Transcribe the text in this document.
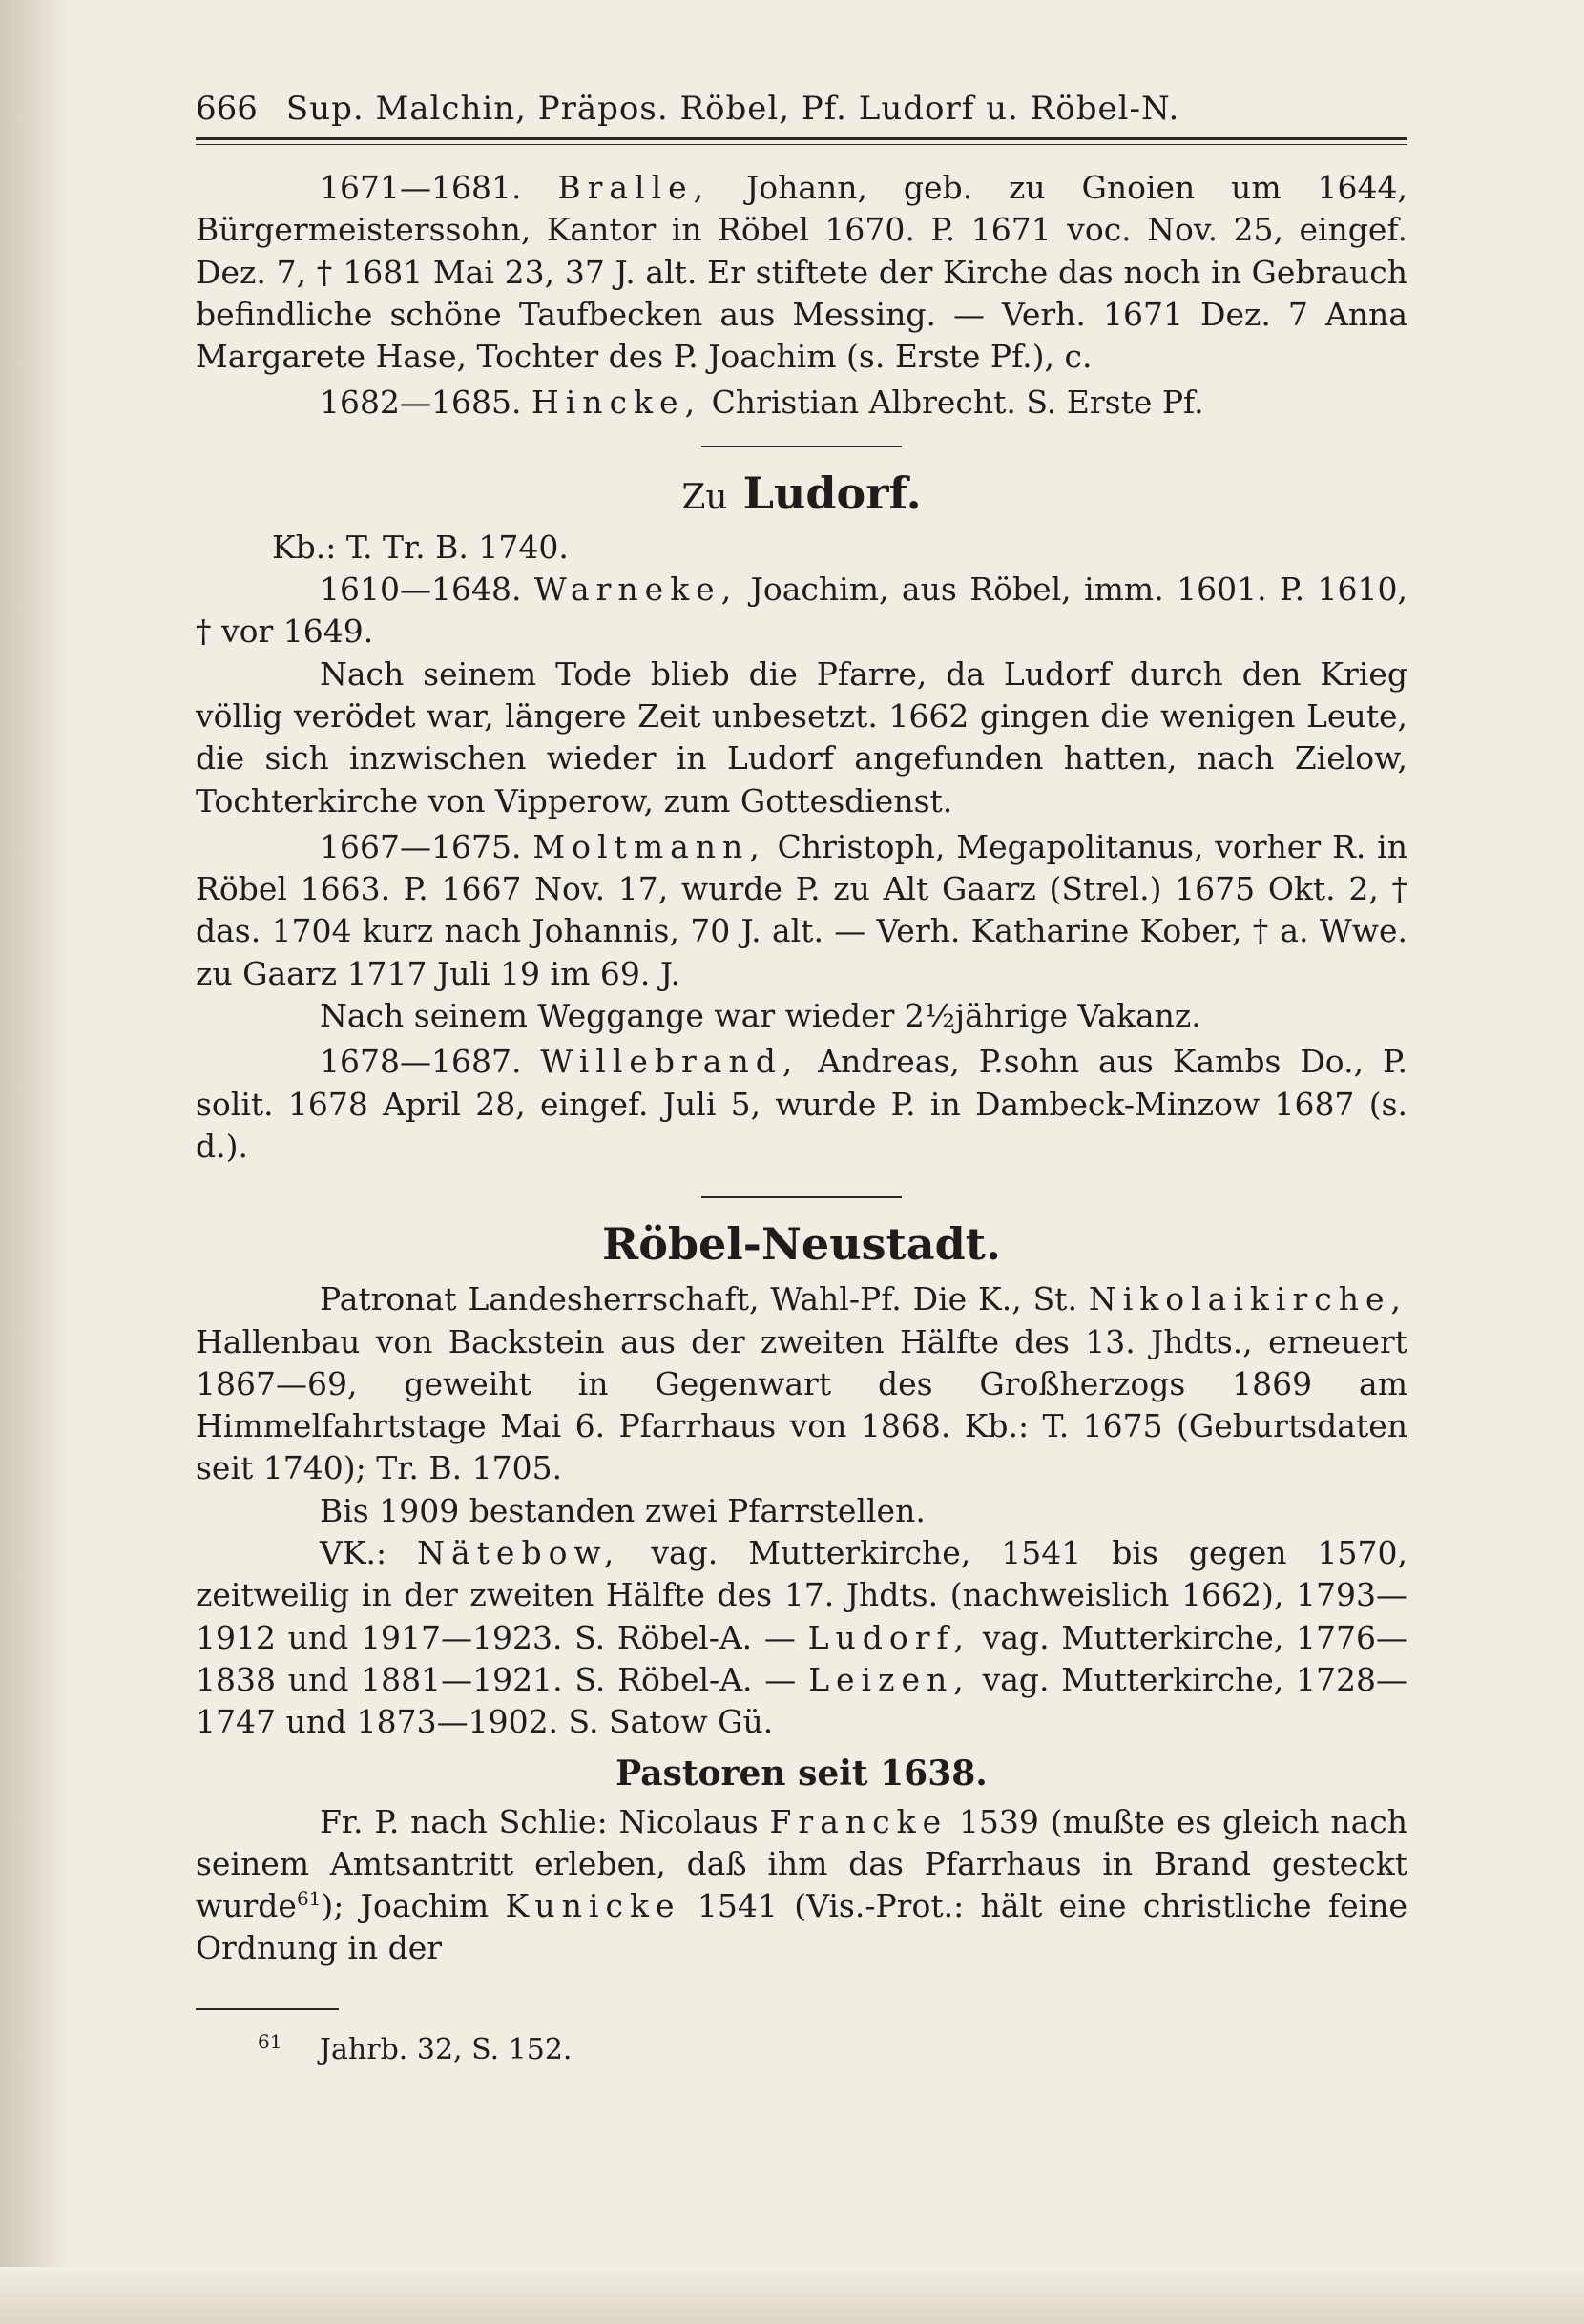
666 Sup. Malchin, Präpos. Röbel, Pf. Ludorf u. Röbel-N.

1671—1681. Bralle, Johann, geb. zu Gnoien um 1644, Bürgermeisterssohn, Kantor in Röbel 1670. P. 1671 voc. Nov. 25, eingef. Dez. 7, † 1681 Mai 23, 37 J. alt. Er stiftete der Kirche das noch in Gebrauch befindliche schöne Taufbecken aus Messing. — Verh. 1671 Dez. 7 Anna Margarete Hase, Tochter des P. Joachim (s. Erste Pf.), c.

1682—1685. Hincke, Christian Albrecht. S. Erste Pf.

Zu Ludorf.

Kb.: T. Tr. B. 1740.

1610—1648. Warneke, Joachim, aus Röbel, imm. 1601. P. 1610, † vor 1649.

Nach seinem Tode blieb die Pfarre, da Ludorf durch den Krieg völlig verödet war, längere Zeit unbesetzt. 1662 gingen die wenigen Leute, die sich inzwischen wieder in Ludorf angefunden hatten, nach Zielow, Tochterkirche von Vipperow, zum Gottesdienst.

1667—1675. Moltmann, Christoph, Megapolitanus, vorher R. in Röbel 1663. P. 1667 Nov. 17, wurde P. zu Alt Gaarz (Strel.) 1675 Okt. 2, † das. 1704 kurz nach Johannis, 70 J. alt. — Verh. Katharine Kober, † a. Wwe. zu Gaarz 1717 Juli 19 im 69. J.

Nach seinem Weggange war wieder 2½jährige Vakanz.

1678—1687. Willebrand, Andreas, P.sohn aus Kambs Do., P. solit. 1678 April 28, eingef. Juli 5, wurde P. in Dambeck-Minzow 1687 (s. d.).

Röbel-Neustadt.

Patronat Landesherrschaft, Wahl-Pf. Die K., St. Nikolaikirche, Hallenbau von Backstein aus der zweiten Hälfte des 13. Jhdts., erneuert 1867—69, geweiht in Gegenwart des Großherzogs 1869 am Himmelfahrtstage Mai 6. Pfarrhaus von 1868. Kb.: T. 1675 (Geburtsdaten seit 1740); Tr. B. 1705.

Bis 1909 bestanden zwei Pfarrstellen.

VK.: Nätebow, vag. Mutterkirche, 1541 bis gegen 1570, zeitweilig in der zweiten Hälfte des 17. Jhdts. (nachweislich 1662), 1793—1912 und 1917—1923. S. Röbel-A. — Ludorf, vag. Mutterkirche, 1776—1838 und 1881—1921. S. Röbel-A. — Leizen, vag. Mutterkirche, 1728—1747 und 1873—1902. S. Satow Gü.

Pastoren seit 1638.

Fr. P. nach Schlie: Nicolaus Francke 1539 (mußte es gleich nach seinem Amtsantritt erleben, daß ihm das Pfarrhaus in Brand gesteckt wurde$^{61}$); Joachim Kunicke 1541 (Vis.-Prot.: hält eine christliche feine Ordnung in der

$^{61}$ Jahrb. 32, S. 152.
